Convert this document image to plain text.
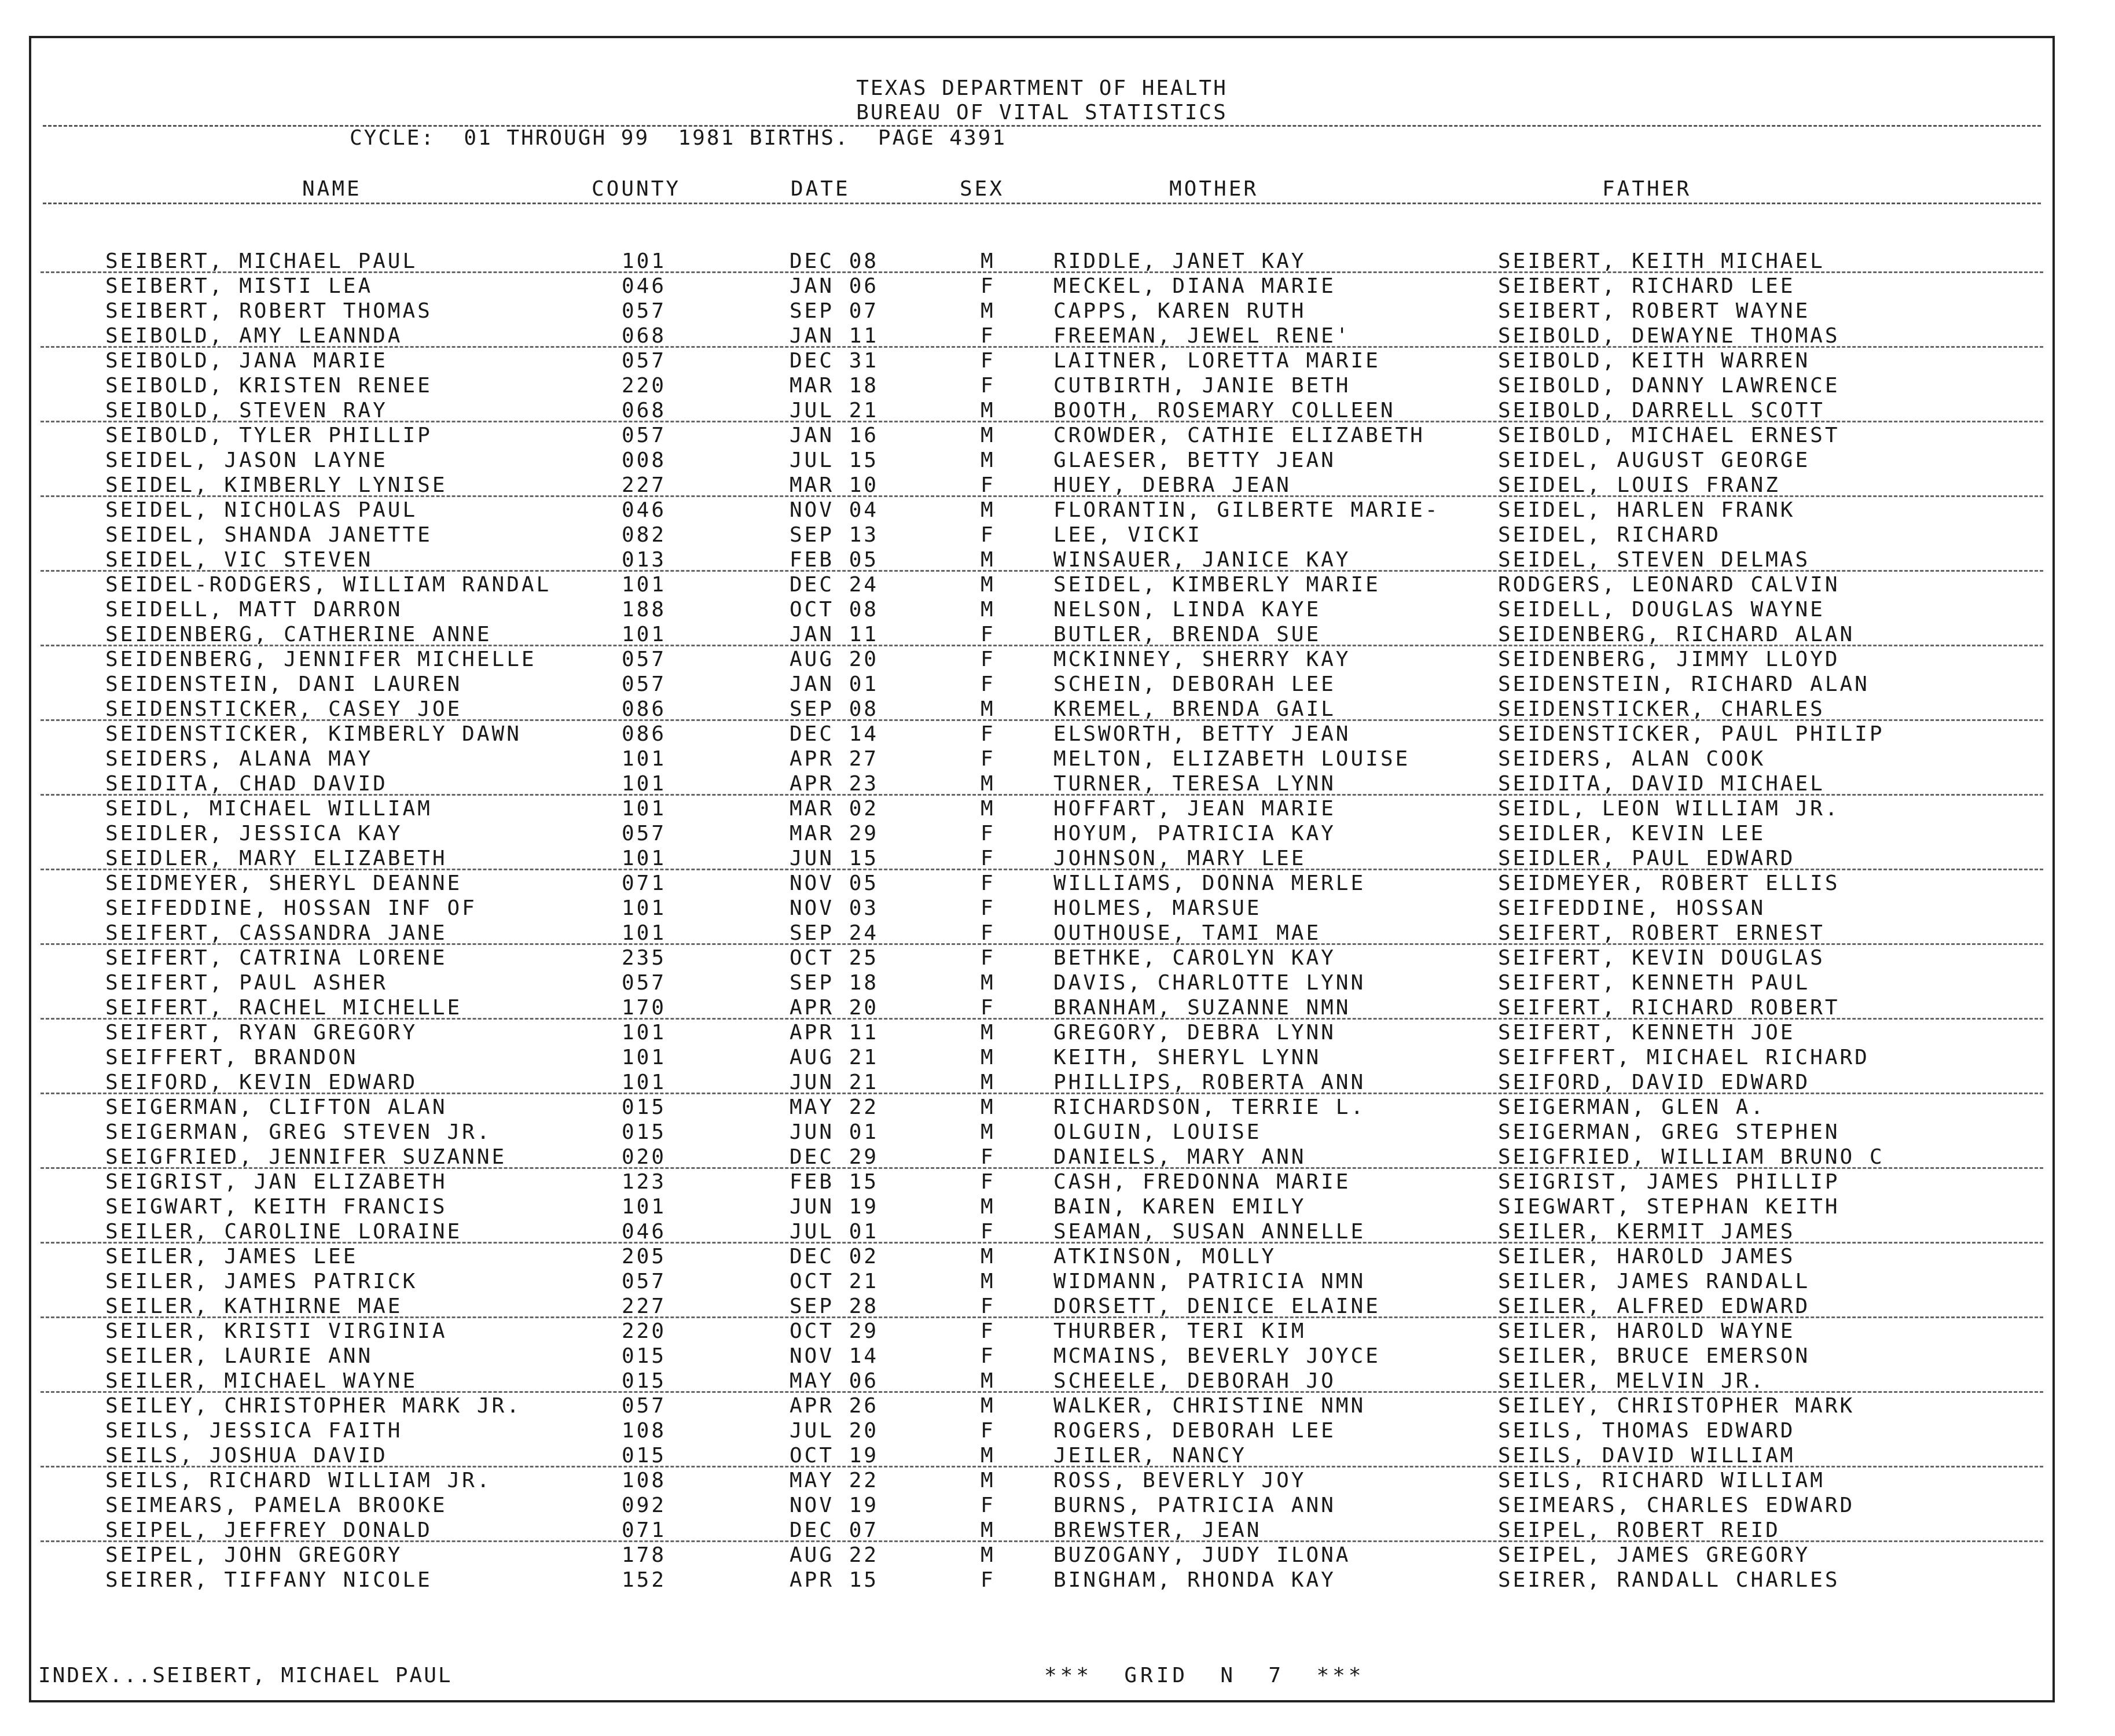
TEXAS DEPARTMENT OF HEALTH
BUREAU OF VITAL STATISTICS
CYCLE:  01 THROUGH 99  1981 BIRTHS.  PAGE 4391
NAME	COUNTY	DATE	SEX	MOTHER	FATHER
SEIBERT, MICHAEL PAUL	101	DEC 08	M	RIDDLE, JANET KAY	SEIBERT, KEITH MICHAEL
SEIBERT, MISTI LEA	046	JAN 06	F	MECKEL, DIANA MARIE	SEIBERT, RICHARD LEE
SEIBERT, ROBERT THOMAS	057	SEP 07	M	CAPPS, KAREN RUTH	SEIBERT, ROBERT WAYNE
SEIBOLD, AMY LEANNDA	068	JAN 11	F	FREEMAN, JEWEL RENE'	SEIBOLD, DEWAYNE THOMAS
SEIBOLD, JANA MARIE	057	DEC 31	F	LAITNER, LORETTA MARIE	SEIBOLD, KEITH WARREN
SEIBOLD, KRISTEN RENEE	220	MAR 18	F	CUTBIRTH, JANIE BETH	SEIBOLD, DANNY LAWRENCE
SEIBOLD, STEVEN RAY	068	JUL 21	M	BOOTH, ROSEMARY COLLEEN	SEIBOLD, DARRELL SCOTT
SEIBOLD, TYLER PHILLIP	057	JAN 16	M	CROWDER, CATHIE ELIZABETH	SEIBOLD, MICHAEL ERNEST
SEIDEL, JASON LAYNE	008	JUL 15	M	GLAESER, BETTY JEAN	SEIDEL, AUGUST GEORGE
SEIDEL, KIMBERLY LYNISE	227	MAR 10	F	HUEY, DEBRA JEAN	SEIDEL, LOUIS FRANZ
SEIDEL, NICHOLAS PAUL	046	NOV 04	M	FLORANTIN, GILBERTE MARIE-	SEIDEL, HARLEN FRANK
SEIDEL, SHANDA JANETTE	082	SEP 13	F	LEE, VICKI	SEIDEL, RICHARD
SEIDEL, VIC STEVEN	013	FEB 05	M	WINSAUER, JANICE KAY	SEIDEL, STEVEN DELMAS
SEIDEL-RODGERS, WILLIAM RANDAL	101	DEC 24	M	SEIDEL, KIMBERLY MARIE	RODGERS, LEONARD CALVIN
SEIDELL, MATT DARRON	188	OCT 08	M	NELSON, LINDA KAYE	SEIDELL, DOUGLAS WAYNE
SEIDENBERG, CATHERINE ANNE	101	JAN 11	F	BUTLER, BRENDA SUE	SEIDENBERG, RICHARD ALAN
SEIDENBERG, JENNIFER MICHELLE	057	AUG 20	F	MCKINNEY, SHERRY KAY	SEIDENBERG, JIMMY LLOYD
SEIDENSTEIN, DANI LAUREN	057	JAN 01	F	SCHEIN, DEBORAH LEE	SEIDENSTEIN, RICHARD ALAN
SEIDENSTICKER, CASEY JOE	086	SEP 08	M	KREMEL, BRENDA GAIL	SEIDENSTICKER, CHARLES
SEIDENSTICKER, KIMBERLY DAWN	086	DEC 14	F	ELSWORTH, BETTY JEAN	SEIDENSTICKER, PAUL PHILIP
SEIDERS, ALANA MAY	101	APR 27	F	MELTON, ELIZABETH LOUISE	SEIDERS, ALAN COOK
SEIDITA, CHAD DAVID	101	APR 23	M	TURNER, TERESA LYNN	SEIDITA, DAVID MICHAEL
SEIDL, MICHAEL WILLIAM	101	MAR 02	M	HOFFART, JEAN MARIE	SEIDL, LEON WILLIAM JR.
SEIDLER, JESSICA KAY	057	MAR 29	F	HOYUM, PATRICIA KAY	SEIDLER, KEVIN LEE
SEIDLER, MARY ELIZABETH	101	JUN 15	F	JOHNSON, MARY LEE	SEIDLER, PAUL EDWARD
SEIDMEYER, SHERYL DEANNE	071	NOV 05	F	WILLIAMS, DONNA MERLE	SEIDMEYER, ROBERT ELLIS
SEIFEDDINE, HOSSAN INF OF	101	NOV 03	F	HOLMES, MARSUE	SEIFEDDINE, HOSSAN
SEIFERT, CASSANDRA JANE	101	SEP 24	F	OUTHOUSE, TAMI MAE	SEIFERT, ROBERT ERNEST
SEIFERT, CATRINA LORENE	235	OCT 25	F	BETHKE, CAROLYN KAY	SEIFERT, KEVIN DOUGLAS
SEIFERT, PAUL ASHER	057	SEP 18	M	DAVIS, CHARLOTTE LYNN	SEIFERT, KENNETH PAUL
SEIFERT, RACHEL MICHELLE	170	APR 20	F	BRANHAM, SUZANNE NMN	SEIFERT, RICHARD ROBERT
SEIFERT, RYAN GREGORY	101	APR 11	M	GREGORY, DEBRA LYNN	SEIFERT, KENNETH JOE
SEIFFERT, BRANDON	101	AUG 21	M	KEITH, SHERYL LYNN	SEIFFERT, MICHAEL RICHARD
SEIFORD, KEVIN EDWARD	101	JUN 21	M	PHILLIPS, ROBERTA ANN	SEIFORD, DAVID EDWARD
SEIGERMAN, CLIFTON ALAN	015	MAY 22	M	RICHARDSON, TERRIE L.	SEIGERMAN, GLEN A.
SEIGERMAN, GREG STEVEN JR.	015	JUN 01	M	OLGUIN, LOUISE	SEIGERMAN, GREG STEPHEN
SEIGFRIED, JENNIFER SUZANNE	020	DEC 29	F	DANIELS, MARY ANN	SEIGFRIED, WILLIAM BRUNO C
SEIGRIST, JAN ELIZABETH	123	FEB 15	F	CASH, FREDONNA MARIE	SEIGRIST, JAMES PHILLIP
SEIGWART, KEITH FRANCIS	101	JUN 19	M	BAIN, KAREN EMILY	SIEGWART, STEPHAN KEITH
SEILER, CAROLINE LORAINE	046	JUL 01	F	SEAMAN, SUSAN ANNELLE	SEILER, KERMIT JAMES
SEILER, JAMES LEE	205	DEC 02	M	ATKINSON, MOLLY	SEILER, HAROLD JAMES
SEILER, JAMES PATRICK	057	OCT 21	M	WIDMANN, PATRICIA NMN	SEILER, JAMES RANDALL
SEILER, KATHIRNE MAE	227	SEP 28	F	DORSETT, DENICE ELAINE	SEILER, ALFRED EDWARD
SEILER, KRISTI VIRGINIA	220	OCT 29	F	THURBER, TERI KIM	SEILER, HAROLD WAYNE
SEILER, LAURIE ANN	015	NOV 14	F	MCMAINS, BEVERLY JOYCE	SEILER, BRUCE EMERSON
SEILER, MICHAEL WAYNE	015	MAY 06	M	SCHEELE, DEBORAH JO	SEILER, MELVIN JR.
SEILEY, CHRISTOPHER MARK JR.	057	APR 26	M	WALKER, CHRISTINE NMN	SEILEY, CHRISTOPHER MARK
SEILS, JESSICA FAITH	108	JUL 20	F	ROGERS, DEBORAH LEE	SEILS, THOMAS EDWARD
SEILS, JOSHUA DAVID	015	OCT 19	M	JEILER, NANCY	SEILS, DAVID WILLIAM
SEILS, RICHARD WILLIAM JR.	108	MAY 22	M	ROSS, BEVERLY JOY	SEILS, RICHARD WILLIAM
SEIMEARS, PAMELA BROOKE	092	NOV 19	F	BURNS, PATRICIA ANN	SEIMEARS, CHARLES EDWARD
SEIPEL, JEFFREY DONALD	071	DEC 07	M	BREWSTER, JEAN	SEIPEL, ROBERT REID
SEIPEL, JOHN GREGORY	178	AUG 22	M	BUZOGANY, JUDY ILONA	SEIPEL, JAMES GREGORY
SEIRER, TIFFANY NICOLE	152	APR 15	F	BINGHAM, RHONDA KAY	SEIRER, RANDALL CHARLES
INDEX...SEIBERT, MICHAEL PAUL	***  GRID  N  7  ***
